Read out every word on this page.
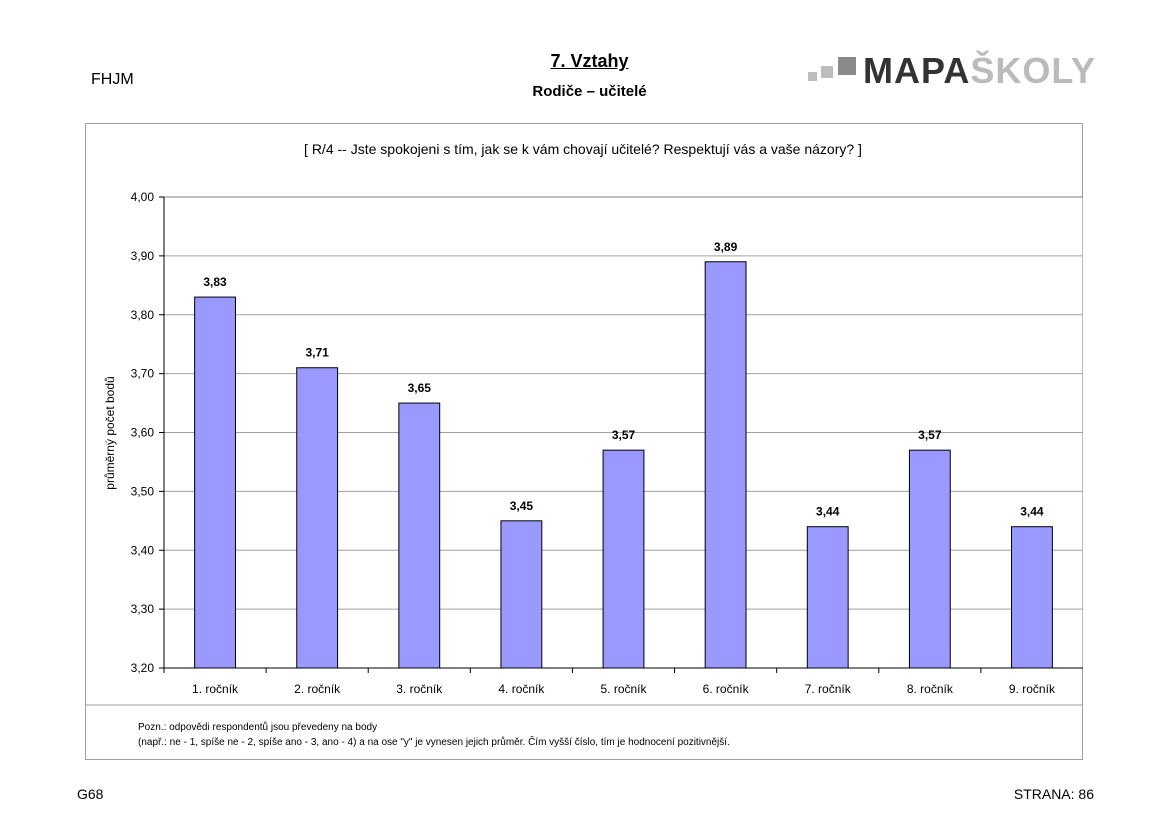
FHJM
7. Vztahy
Rodiče – učitelé
MAPAŠKOLY
[ R/4 -- Jste spokojeni s tím, jak se k vám chovají učitelé? Respektují vás a vaše názory? ]
3,20
3,30
3,40
3,50
3,60
3,70
3,80
3,90
4,00
3,83
3,71
3,65
3,45
3,57
3,89
3,44
3,57
3,44
1. ročník	2. ročník	3. ročník	4. ročník	5. ročník	6. ročník	7. ročník	8. ročník	9. ročník
průměrný počet bodů
Pozn.: odpovědi respondentů jsou převedeny na body
(např.: ne - 1, spíše ne - 2, spíše ano - 3, ano - 4) a na ose "y" je vynesen jejich průměr. Čím vyšší číslo, tím je hodnocení pozitivnější.
G68	STRANA: 86
